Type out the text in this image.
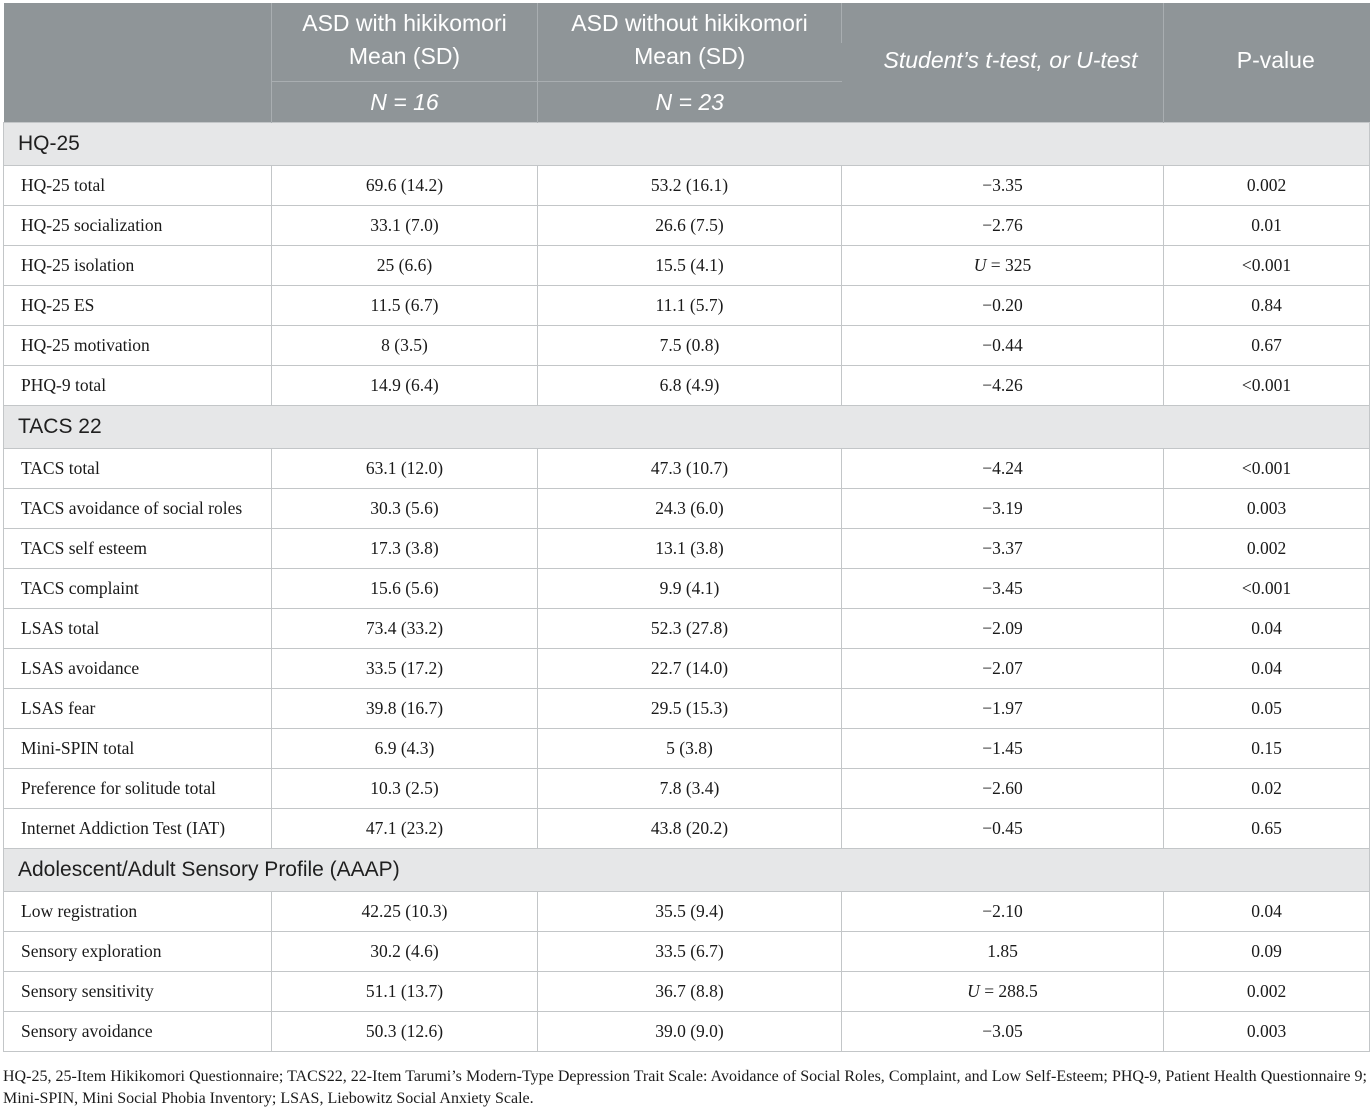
	ASD with hikikomori	ASD without hikikomori	Student’s t-test, or U-test	P-value
	Mean (SD)	Mean (SD)		
	N = 16	N = 23		
HQ-25				
HQ-25 total	69.6 (14.2)	53.2 (16.1)	−3.35	0.002
HQ-25 socialization	33.1 (7.0)	26.6 (7.5)	−2.76	0.01
HQ-25 isolation	25 (6.6)	15.5 (4.1)	U = 325	<0.001
HQ-25 ES	11.5 (6.7)	11.1 (5.7)	−0.20	0.84
HQ-25 motivation	8 (3.5)	7.5 (0.8)	−0.44	0.67
PHQ-9 total	14.9 (6.4)	6.8 (4.9)	−4.26	<0.001
TACS 22				
TACS total	63.1 (12.0)	47.3 (10.7)	−4.24	<0.001
TACS avoidance of social roles	30.3 (5.6)	24.3 (6.0)	−3.19	0.003
TACS self esteem	17.3 (3.8)	13.1 (3.8)	−3.37	0.002
TACS complaint	15.6 (5.6)	9.9 (4.1)	−3.45	<0.001
LSAS total	73.4 (33.2)	52.3 (27.8)	−2.09	0.04
LSAS avoidance	33.5 (17.2)	22.7 (14.0)	−2.07	0.04
LSAS fear	39.8 (16.7)	29.5 (15.3)	−1.97	0.05
Mini-SPIN total	6.9 (4.3)	5 (3.8)	−1.45	0.15
Preference for solitude total	10.3 (2.5)	7.8 (3.4)	−2.60	0.02
Internet Addiction Test (IAT)	47.1 (23.2)	43.8 (20.2)	−0.45	0.65
Adolescent/Adult Sensory Profile (AAAP)				
Low registration	42.25 (10.3)	35.5 (9.4)	−2.10	0.04
Sensory exploration	30.2 (4.6)	33.5 (6.7)	1.85	0.09
Sensory sensitivity	51.1 (13.7)	36.7 (8.8)	U = 288.5	0.002
Sensory avoidance	50.3 (12.6)	39.0 (9.0)	−3.05	0.003
HQ-25, 25-Item Hikikomori Questionnaire; TACS22, 22-Item Tarumi’s Modern-Type Depression Trait Scale: Avoidance of Social Roles, Complaint, and Low Self-Esteem; PHQ-9, Patient Health Questionnaire 9; Mini-SPIN, Mini Social Phobia Inventory; LSAS, Liebowitz Social Anxiety Scale.
